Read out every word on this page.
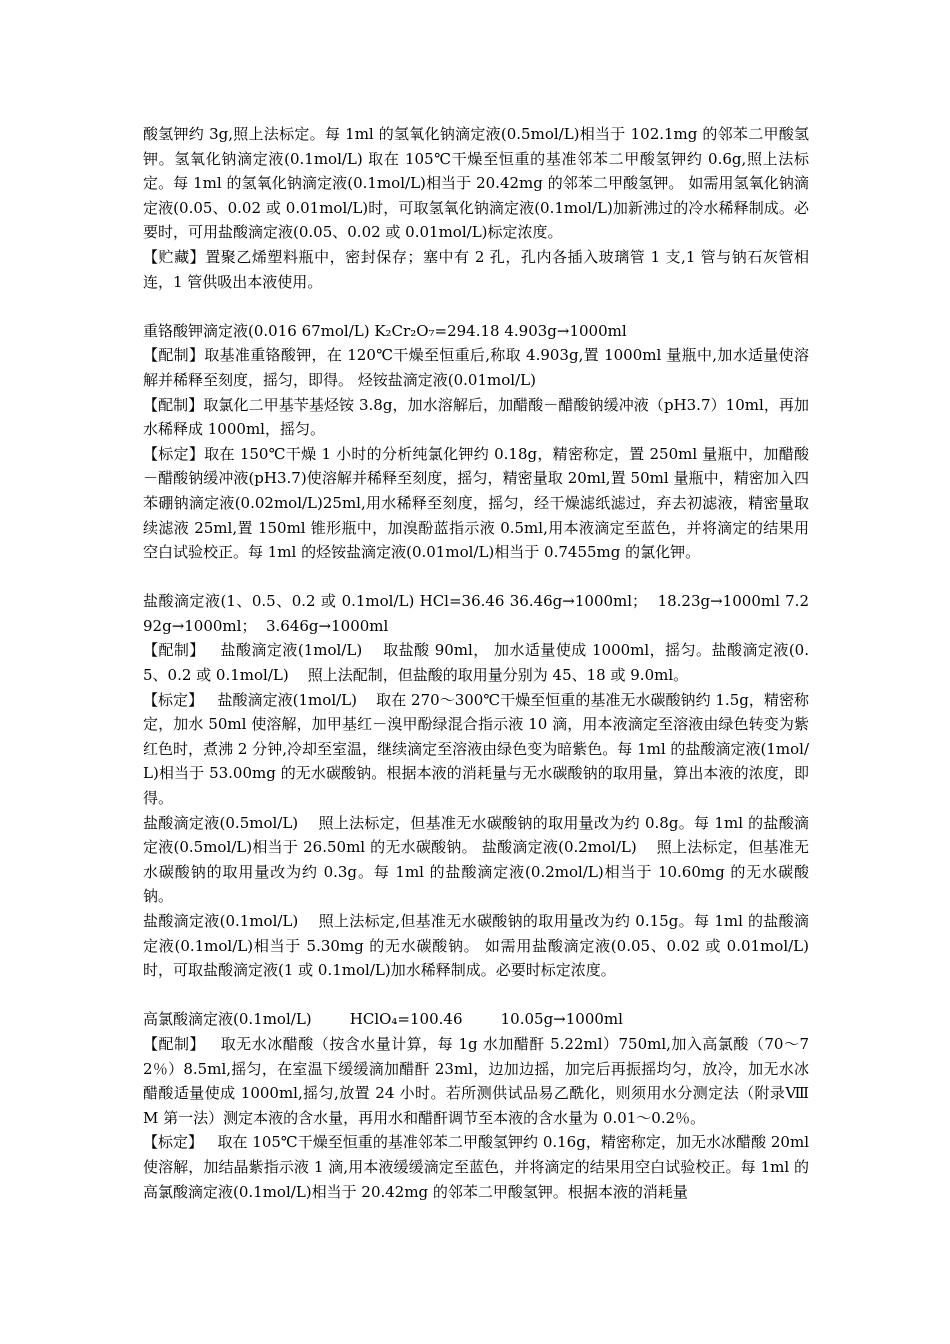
酸氢钾约 3g,照上法标定。每 1ml 的氢氧化钠滴定液(0.5mol/L)相当于 102.1mg 的邻苯二甲酸氢钾。氢氧化钠滴定液(0.1mol/L) 取在 105℃干燥至恒重的基准邻苯二甲酸氢钾约 0.6g,照上法标定。每 1ml 的氢氧化钠滴定液(0.1mol/L)相当于 20.42mg 的邻苯二甲酸氢钾。 如需用氢氧化钠滴定液(0.05、0.02 或 0.01mol/L)时，可取氢氧化钠滴定液(0.1mol/L)加新沸过的冷水稀释制成。必要时，可用盐酸滴定液(0.05、0.02 或 0.01mol/L)标定浓度。

【贮藏】置聚乙烯塑料瓶中，密封保存；塞中有 2 孔，孔内各插入玻璃管 1 支,1 管与钠石灰管相连，1 管供吸出本液使用。

重铬酸钾滴定液(0.016 67mol/L) K₂Cr₂O₇=294.18 4.903g→1000ml

【配制】取基准重铬酸钾，在 120℃干燥至恒重后,称取 4.903g,置 1000ml 量瓶中,加水适量使溶解并稀释至刻度，摇匀，即得。 烃铵盐滴定液(0.01mol/L)

【配制】取氯化二甲基苄基烃铵 3.8g，加水溶解后，加醋酸－醋酸钠缓冲液（pH3.7）10ml，再加水稀释成 1000ml，摇匀。

【标定】取在 150℃干燥 1 小时的分析纯氯化钾约 0.18g，精密称定，置 250ml 量瓶中，加醋酸－醋酸钠缓冲液(pH3.7)使溶解并稀释至刻度，摇匀，精密量取 20ml,置 50ml 量瓶中，精密加入四苯硼钠滴定液(0.02mol/L)25ml,用水稀释至刻度，摇匀，经干燥滤纸滤过，弃去初滤液，精密量取续滤液 25ml,置 150ml 锥形瓶中，加溴酚蓝指示液 0.5ml,用本液滴定至蓝色，并将滴定的结果用空白试验校正。每 1ml 的烃铵盐滴定液(0.01mol/L)相当于 0.7455mg 的氯化钾。

盐酸滴定液(1、0.5、0.2 或 0.1mol/L) HCl=36.46 36.46g→1000ml；  18.23g→1000ml 7.292g→1000ml；  3.646g→1000ml

【配制】   盐酸滴定液(1mol/L)    取盐酸 90ml， 加水适量使成 1000ml，摇匀。盐酸滴定液(0.5、0.2 或 0.1mol/L)    照上法配制，但盐酸的取用量分别为 45、18 或 9.0ml。

【标定】   盐酸滴定液(1mol/L)    取在 270～300℃干燥至恒重的基准无水碳酸钠约 1.5g，精密称定，加水 50ml 使溶解，加甲基红－溴甲酚绿混合指示液 10 滴，用本液滴定至溶液由绿色转变为紫红色时，煮沸 2 分钟,冷却至室温，继续滴定至溶液由绿色变为暗紫色。每 1ml 的盐酸滴定液(1mol/L)相当于 53.00mg 的无水碳酸钠。根据本液的消耗量与无水碳酸钠的取用量，算出本液的浓度，即得。

盐酸滴定液(0.5mol/L)    照上法标定，但基准无水碳酸钠的取用量改为约 0.8g。每 1ml 的盐酸滴定液(0.5mol/L)相当于 26.50ml 的无水碳酸钠。 盐酸滴定液(0.2mol/L)    照上法标定，但基准无水碳酸钠的取用量改为约 0.3g。每 1ml 的盐酸滴定液(0.2mol/L)相当于 10.60mg 的无水碳酸钠。

盐酸滴定液(0.1mol/L)    照上法标定,但基准无水碳酸钠的取用量改为约 0.15g。每 1ml 的盐酸滴定液(0.1mol/L)相当于 5.30mg 的无水碳酸钠。 如需用盐酸滴定液(0.05、0.02 或 0.01mol/L)时，可取盐酸滴定液(1 或 0.1mol/L)加水稀释制成。必要时标定浓度。

高氯酸滴定液(0.1mol/L)        HClO₄=100.46        10.05g→1000ml

【配制】   取无水冰醋酸（按含水量计算，每 1g 水加醋酐 5.22ml）750ml,加入高氯酸（70～72％）8.5ml,摇匀，在室温下缓缓滴加醋酐 23ml，边加边摇，加完后再振摇均匀，放冷，加无水冰醋酸适量使成 1000ml,摇匀,放置 24 小时。若所测供试品易乙酰化，则须用水分测定法（附录Ⅷ M 第一法）测定本液的含水量，再用水和醋酐调节至本液的含水量为 0.01～0.2％。

【标定】   取在 105℃干燥至恒重的基准邻苯二甲酸氢钾约 0.16g，精密称定，加无水冰醋酸 20ml 使溶解，加结晶紫指示液 1 滴,用本液缓缓滴定至蓝色，并将滴定的结果用空白试验校正。每 1ml 的高氯酸滴定液(0.1mol/L)相当于 20.42mg 的邻苯二甲酸氢钾。根据本液的消耗量
